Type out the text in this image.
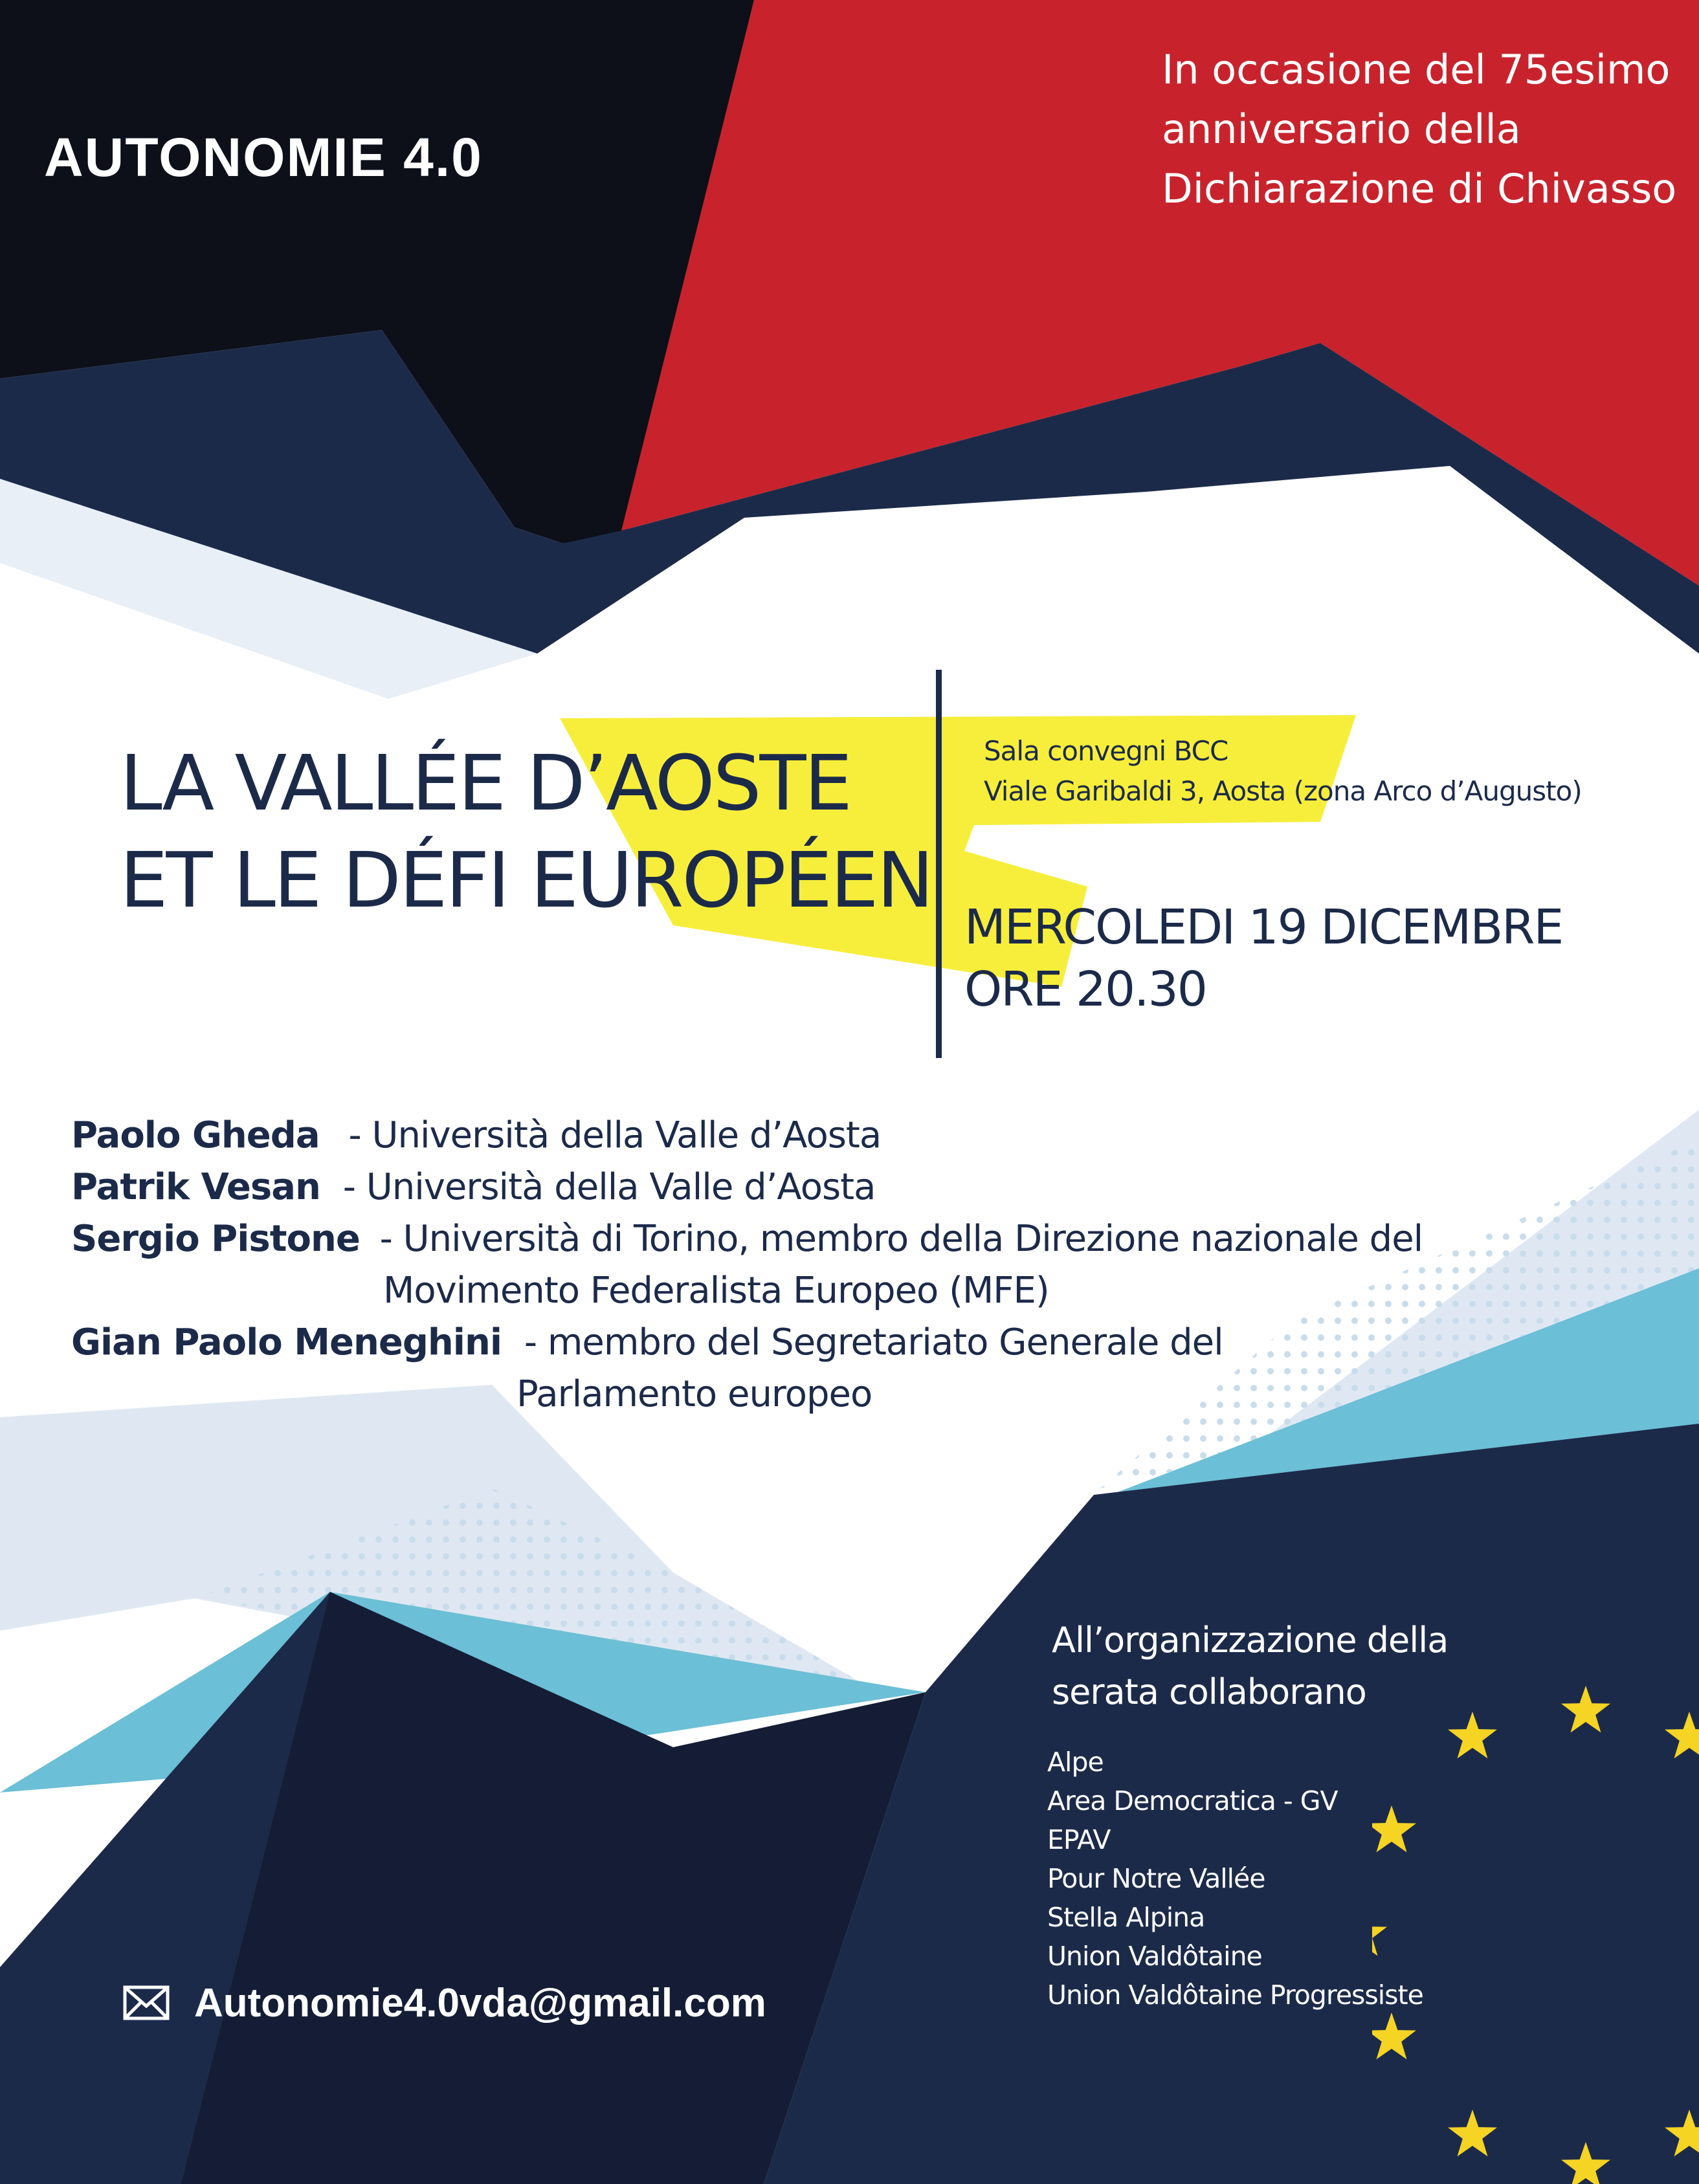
AUTONOMIE 4.0
In occasione del 75esimo
anniversario della
Dichiarazione di Chivasso
LA VALLÉE D’AOSTE
ET LE DÉFI EUROPÉEN
Sala convegni BCC
Viale Garibaldi 3, Aosta (zona Arco d’Augusto)
MERCOLEDI 19 DICEMBRE
ORE 20.30
Paolo Gheda - Università della Valle d’Aosta
Patrik Vesan - Università della Valle d’Aosta
Sergio Pistone - Università di Torino, membro della Direzione nazionale del
Movimento Federalista Europeo (MFE)
Gian Paolo Meneghini - membro del Segretariato Generale del
Parlamento europeo
All’organizzazione della
serata collaborano
Alpe
Area Democratica - GV
EPAV
Pour Notre Vallée
Stella Alpina
Union Valdôtaine
Union Valdôtaine Progressiste
Autonomie4.0vda@gmail.com
